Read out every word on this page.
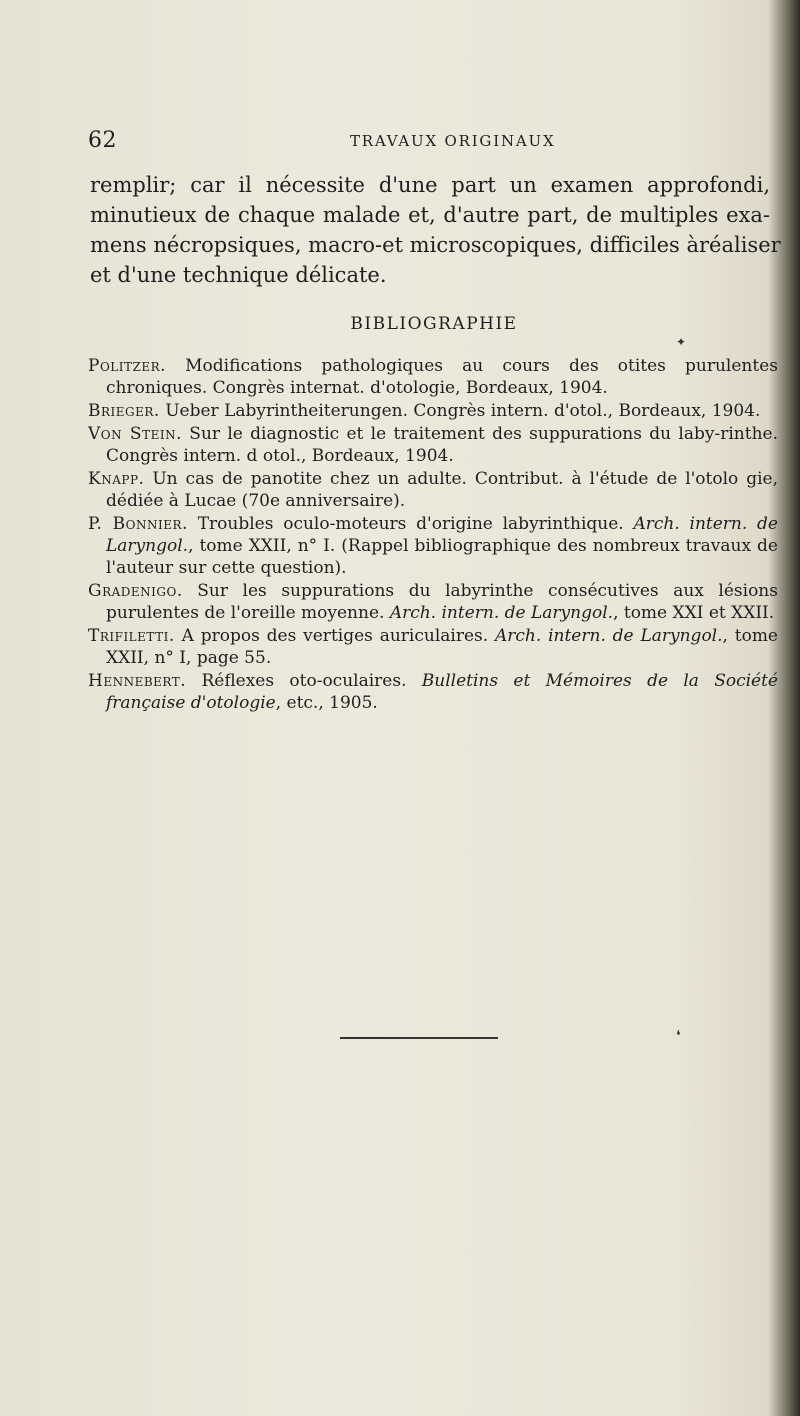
62	TRAVAUX ORIGINAUX
remplir; car il nécessite d'une part un examen approfondi,
minutieux de chaque malade et, d'autre part, de multiples exa-
mens nécropsiques, macro-et microscopiques, difficiles àréaliser
et d'une technique délicate.
BIBLIOGRAPHIE
Politzer. Modifications pathologiques au cours des otites purulentes chroniques. Congrès internat. d'otologie, Bordeaux, 1904.
Brieger. Ueber Labyrintheiterungen. Congrès intern. d'otol., Bordeaux, 1904.
Von Stein. Sur le diagnostic et le traitement des suppurations du laby-rinthe. Congrès intern. d otol., Bordeaux, 1904.
Knapp. Un cas de panotite chez un adulte. Contribut. à l'étude de l'otolo gie, dédiée à Lucae (70e anniversaire).
P. Bonnier. Troubles oculo-moteurs d'origine labyrinthique. Arch. intern. de Laryngol., tome XXII, n° I. (Rappel bibliographique des nombreux travaux de l'auteur sur cette question).
Gradenigo. Sur les suppurations du labyrinthe consécutives aux lésions purulentes de l'oreille moyenne. Arch. intern. de Laryngol., tome XXI et XXII.
Trifiletti. A propos des vertiges auriculaires. Arch. intern. de Laryngol., tome XXII, n° I, page 55.
Hennebert. Réflexes oto-oculaires. Bulletins et Mémoires de la Société française d'otologie, etc., 1905.
❛
✦
